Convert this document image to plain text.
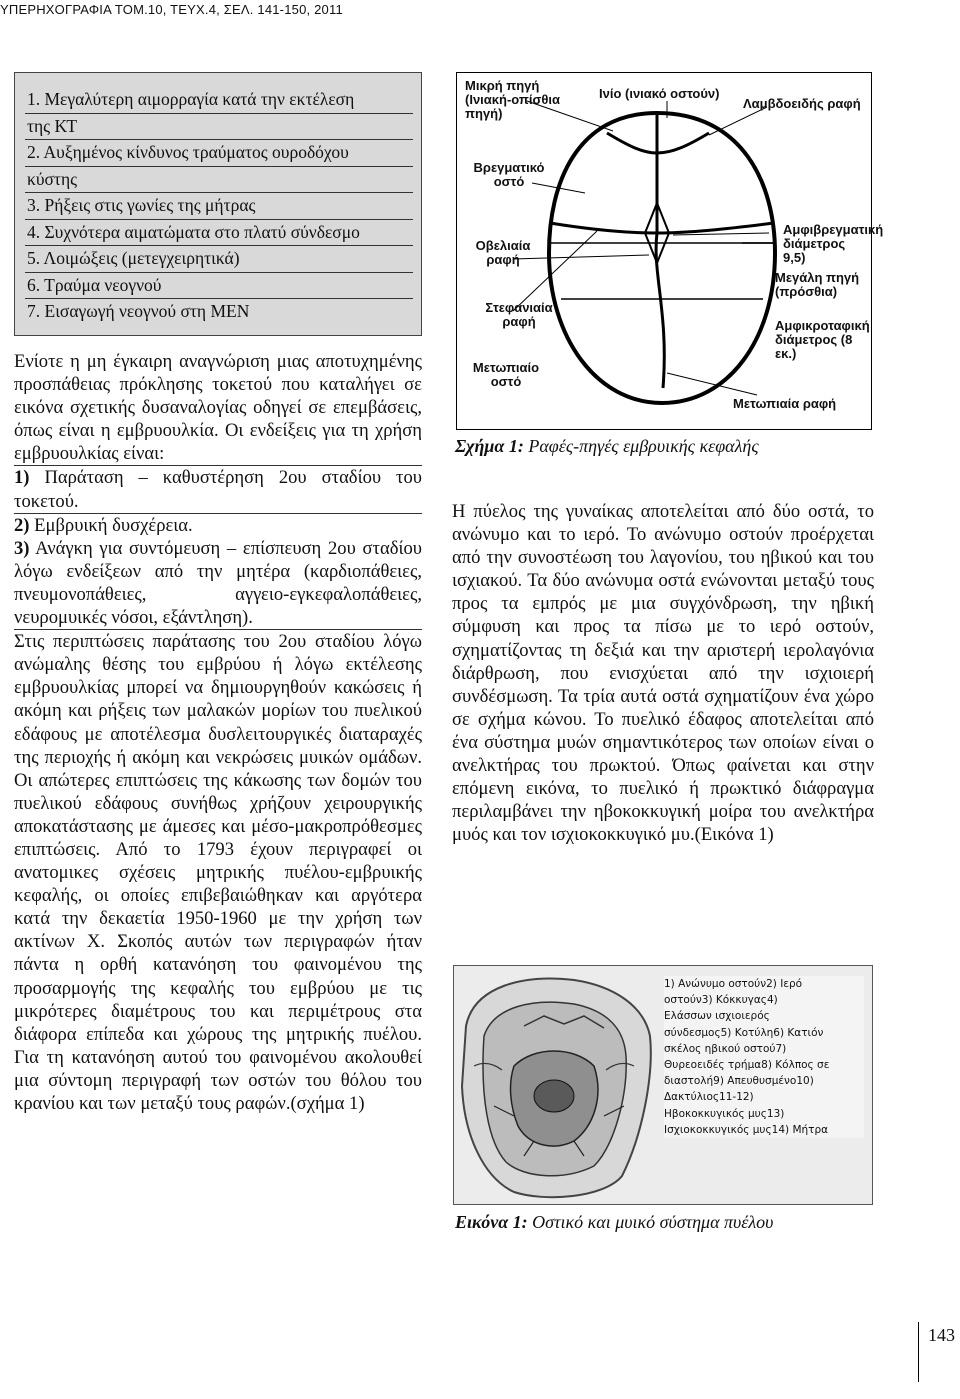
ΥΠΕΡΗΧΟΓΡΑΦΙΑ ΤΟΜ.10, ΤΕΥΧ.4, ΣΕΛ. 141-150, 2011
1. Μεγαλύτερη αιμορραγία κατά την εκτέλεση
της ΚΤ
2. Αυξημένος κίνδυνος τραύματος ουροδόχου
κύστης
3. Ρήξεις στις γωνίες της μήτρας
4. Συχνότερα αιματώματα στο πλατύ σύνδεσμο
5. Λοιμώξεις (μετεγχειρητικά)
6. Τραύμα νεογνού
7. Εισαγωγή νεογνού στη ΜΕΝ

Ενίοτε η μη έγκαιρη αναγνώριση μιας αποτυχημένης προσπάθειας πρόκλησης τοκετού που καταλήγει σε εικόνα σχετικής δυσαναλογίας οδηγεί σε επεμβάσεις, όπως είναι η εμβρυουλκία. Οι ενδείξεις για τη χρήση εμβρυουλκίας είναι:

1) Παράταση – καθυστέρηση 2ου σταδίου του τοκετού.

2) Εμβρυική δυσχέρεια.

3) Ανάγκη για συντόμευση – επίσπευση 2ου σταδίου λόγω ενδείξεων από την μητέρα (καρδιοπάθειες, πνευμονοπάθειες, αγγειο-εγκεφαλοπάθειες, νευρομυικές νόσοι, εξάντληση).

Στις περιπτώσεις παράτασης του 2ου σταδίου λόγω ανώμαλης θέσης του εμβρύου ή λόγω εκτέλεσης εμβρυουλκίας μπορεί να δημιουργηθούν κακώσεις ή ακόμη και ρήξεις των μαλακών μορίων του πυελικού εδάφους με αποτέλεσμα δυσλειτουργικές διαταραχές της περιοχής ή ακόμη και νεκρώσεις μυικών ομάδων. Οι απώτερες επιπτώσεις της κάκωσης των δομών του πυελικού εδάφους συνήθως χρήζουν χειρουργικής αποκατάστασης με άμεσες και μέσο-μακροπρόθεσμες επιπτώσεις. Από το 1793 έχουν περιγραφεί οι ανατομικες σχέσεις μητρικής πυέλου-εμβρυικής κεφαλής, οι οποίες επιβεβαιώθηκαν και αργότερα κατά την δεκαετία 1950-1960 με την χρήση των ακτίνων Χ. Σκοπός αυτών των περιγραφών ήταν πάντα η ορθή κατανόηση του φαινομένου της προσαρμογής της κεφαλής του εμβρύου με τις μικρότερες διαμέτρους του και περιμέτρους στα διάφορα επίπεδα και χώρους της μητρικής πυέλου. Για τη κατανόηση αυτού του φαινομένου ακολουθεί μια σύντομη περιγραφή των οστών του θόλου του κρανίου και των μεταξύ τους ραφών.(σχήμα 1)

Μικρή πηγή (Ινιακή-οπίσθια πηγή)
Ινίο (ινιακό οστούν)
Λαμβδοειδής ραφή
Βρεγματικό οστό
Οβελιαία ραφή
Αμφιβρεγματική διάμετρος 9,5)
Μεγάλη πηγή (πρόσθια)
Στεφανιαία ραφή	Αμφικροταφική διάμετρος (8 εκ.)
Μετωπιαίο οστό
Μετωπιαία ραφή
Σχήμα 1: Ραφές-πηγές εμβρυικής κεφαλής

Η πύελος της γυναίκας αποτελείται από δύο οστά, το ανώνυμο και το ιερό. Το ανώνυμο οστούν προέρχεται από την συνοστέωση του λαγονίου, του ηβικού και του ισχιακού. Τα δύο ανώνυμα οστά ενώνονται μεταξύ τους προς τα εμπρός με μια συγχόνδρωση, την ηβική σύμφυση και προς τα πίσω με το ιερό οστούν, σχηματίζοντας τη δεξιά και την αριστερή ιερολαγόνια διάρθρωση, που ενισχύεται από την ισχιοιερή συνδέσμωση. Τα τρία αυτά οστά σχηματίζουν ένα χώρο σε σχήμα κώνου. Το πυελικό έδαφος αποτελείται από ένα σύστημα μυών σημαντικότερος των οποίων είναι ο ανελκτήρας του πρωκτού. Όπως φαίνεται και στην επόμενη εικόνα, το πυελικό ή πρωκτικό διάφραγμα περιλαμβάνει την ηβοκοκκυγική μοίρα του ανελκτήρα μυός και τον ισχιοκοκκυγικό μυ.(Εικόνα 1)

1) Ανώνυμο οστούν2) Ιερό
οστούν3) Κόκκυγας4)
Ελάσσων ισχιοιερός
σύνδεσμος5) Κοτύλη6) Κατιόν
σκέλος ηβικού οστού7)
Θυρεοειδές τρήμα8) Κόλπος σε
διαστολή9) Απευθυσμένο10)
Δακτύλιος11-12)
Ηβοκοκκυγικός μυς13)
Ισχιοκοκκυγικός μυς14) Μήτρα
Εικόνα 1: Οστικό και μυικό σύστημα πυέλου
143
